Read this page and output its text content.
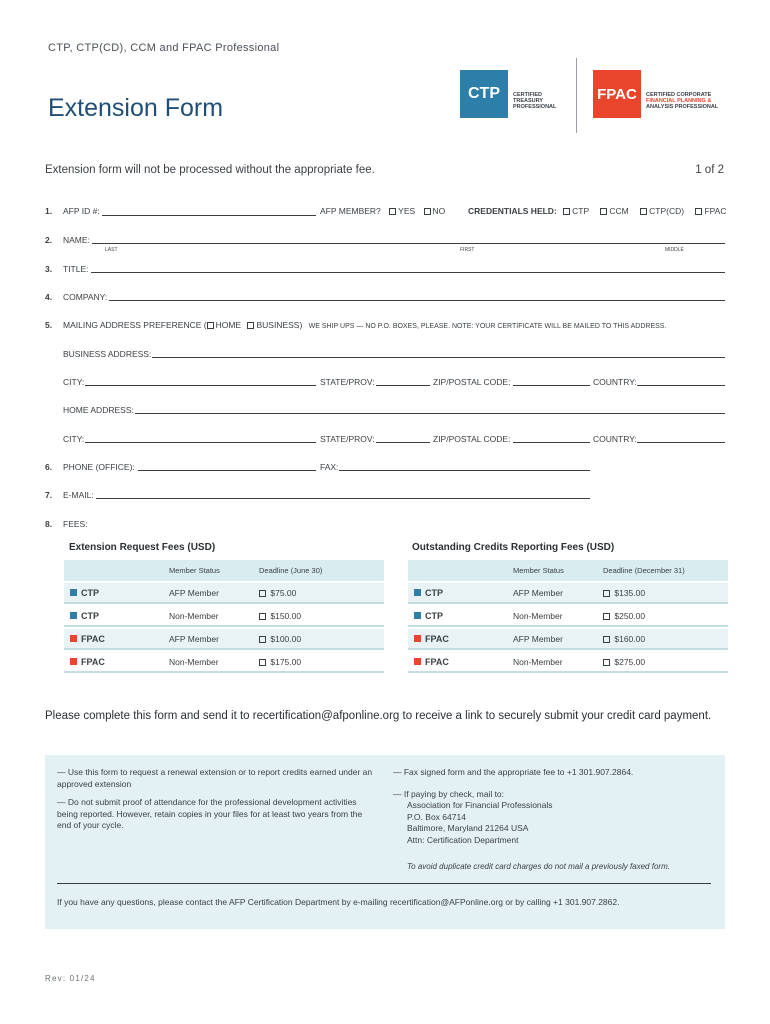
CTP, CTP(CD), CCM and FPAC Professional
Extension Form
CTP	CERTIFIED
TREASURY
PROFESSIONAL
FPAC	CERTIFIED CORPORATE
FINANCIAL PLANNING &
ANALYSIS PROFESSIONAL
Extension form will not be processed without the appropriate fee.	1 of 2
1. AFP ID #:	AFP MEMBER? YES NO	CREDENTIALS HELD: CTP CCM CTP(CD) FPAC
2. NAME:
LAST	FIRST	MIDDLE
3. TITLE:
4. COMPANY:
5. MAILING ADDRESS PREFERENCE ( HOME BUSINESS) WE SHIP UPS — NO P.O. BOXES, PLEASE. NOTE: YOUR CERTIFICATE WILL BE MAILED TO THIS ADDRESS.
BUSINESS ADDRESS:
CITY:	STATE/PROV:	ZIP/POSTAL CODE:	COUNTRY:
HOME ADDRESS:
CITY:	STATE/PROV:	ZIP/POSTAL CODE:	COUNTRY:
6. PHONE (OFFICE):	FAX:
7. E-MAIL:
8. FEES:
Extension Request Fees (USD)
Member Status	Deadline (June 30)
CTP	AFP Member	$75.00
CTP	Non-Member	$150.00
FPAC	AFP Member	$100.00
FPAC	Non-Member	$175.00
Outstanding Credits Reporting Fees (USD)
Member Status	Deadline (December 31)
CTP	AFP Member	$135.00
CTP	Non-Member	$250.00
FPAC	AFP Member	$160.00
FPAC	Non-Member	$275.00
Please complete this form and send it to recertification@afponline.org to receive a link to securely submit your credit card payment.
— Use this form to request a renewal extension or to report credits earned under an approved extension
— Do not submit proof of attendance for the professional development activities being reported. However, retain copies in your files for at least two years from the end of your cycle.
— Fax signed form and the appropriate fee to +1 301.907.2864.
— If paying by check, mail to:
Association for Financial Professionals
P.O. Box 64714
Baltimore, Maryland 21264 USA
Attn: Certification Department
To avoid duplicate credit card charges do not mail a previously faxed form.
If you have any questions, please contact the AFP Certification Department by e-mailing recertification@AFPonline.org or by calling +1 301.907.2862.
Rev: 01/24
